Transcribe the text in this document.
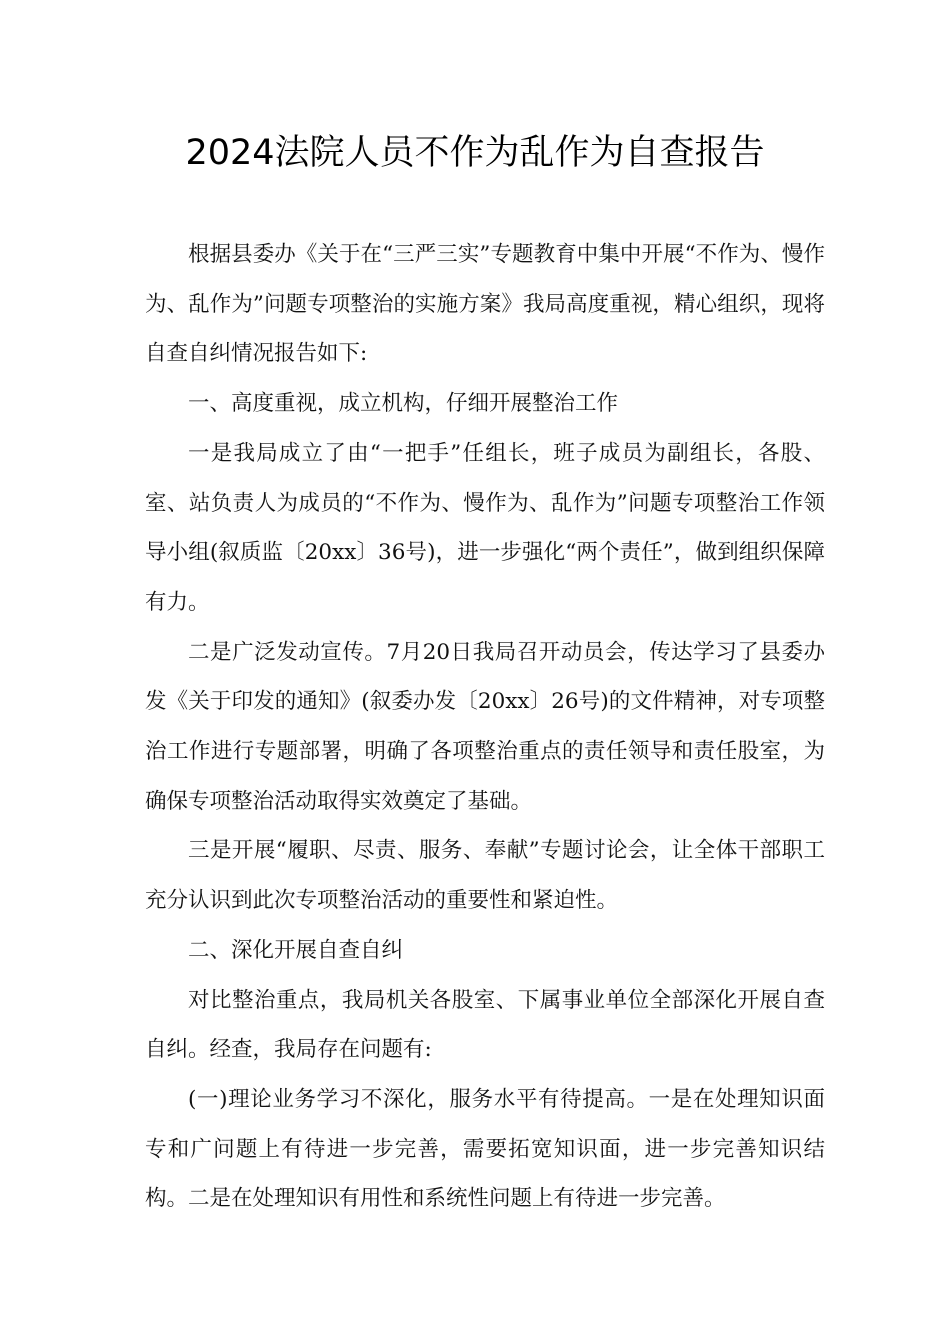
2024法院人员不作为乱作为自查报告

根据县委办《关于在“三严三实”专题教育中集中开展“不作为、慢作为、乱作为”问题专项整治的实施方案》我局高度重视，精心组织，现将自查自纠情况报告如下:

一、高度重视，成立机构，仔细开展整治工作

一是我局成立了由“一把手”任组长，班子成员为副组长，各股、室、站负责人为成员的“不作为、慢作为、乱作为”问题专项整治工作领导小组(叙质监〔20xx〕36号)，进一步强化“两个责任”，做到组织保障有力。

二是广泛发动宣传。7月20日我局召开动员会，传达学习了县委办发《关于印发的通知》(叙委办发〔20xx〕26号)的文件精神，对专项整治工作进行专题部署，明确了各项整治重点的责任领导和责任股室，为确保专项整治活动取得实效奠定了基础。

三是开展“履职、尽责、服务、奉献”专题讨论会，让全体干部职工充分认识到此次专项整治活动的重要性和紧迫性。

二、深化开展自查自纠

对比整治重点，我局机关各股室、下属事业单位全部深化开展自查自纠。经查，我局存在问题有:

(一)理论业务学习不深化，服务水平有待提高。一是在处理知识面专和广问题上有待进一步完善，需要拓宽知识面，进一步完善知识结构。二是在处理知识有用性和系统性问题上有待进一步完善。
